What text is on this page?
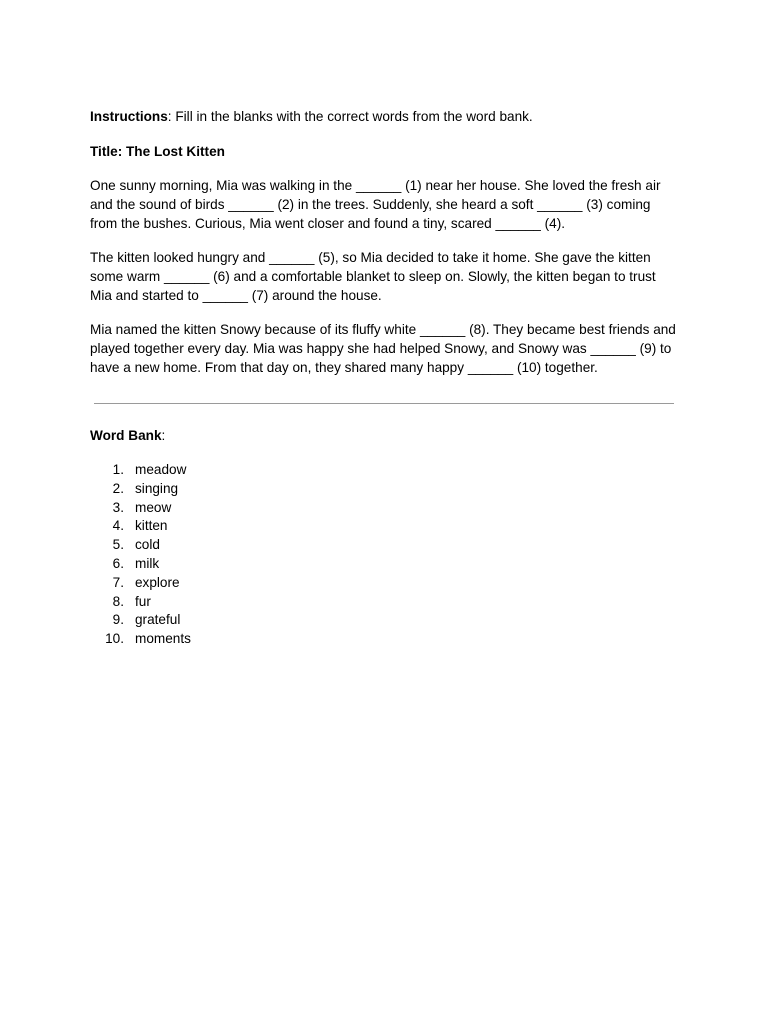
Instructions: Fill in the blanks with the correct words from the word bank.

Title: The Lost Kitten

One sunny morning, Mia was walking in the ______ (1) near her house. She loved the fresh air and the sound of birds ______ (2) in the trees. Suddenly, she heard a soft ______ (3) coming from the bushes. Curious, Mia went closer and found a tiny, scared ______ (4).

The kitten looked hungry and ______ (5), so Mia decided to take it home. She gave the kitten some warm ______ (6) and a comfortable blanket to sleep on. Slowly, the kitten began to trust Mia and started to ______ (7) around the house.

Mia named the kitten Snowy because of its fluffy white ______ (8). They became best friends and played together every day. Mia was happy she had helped Snowy, and Snowy was ______ (9) to have a new home. From that day on, they shared many happy ______ (10) together.

Word Bank:
1. meadow
2. singing
3. meow
4. kitten
5. cold
6. milk
7. explore
8. fur
9. grateful
10. moments
